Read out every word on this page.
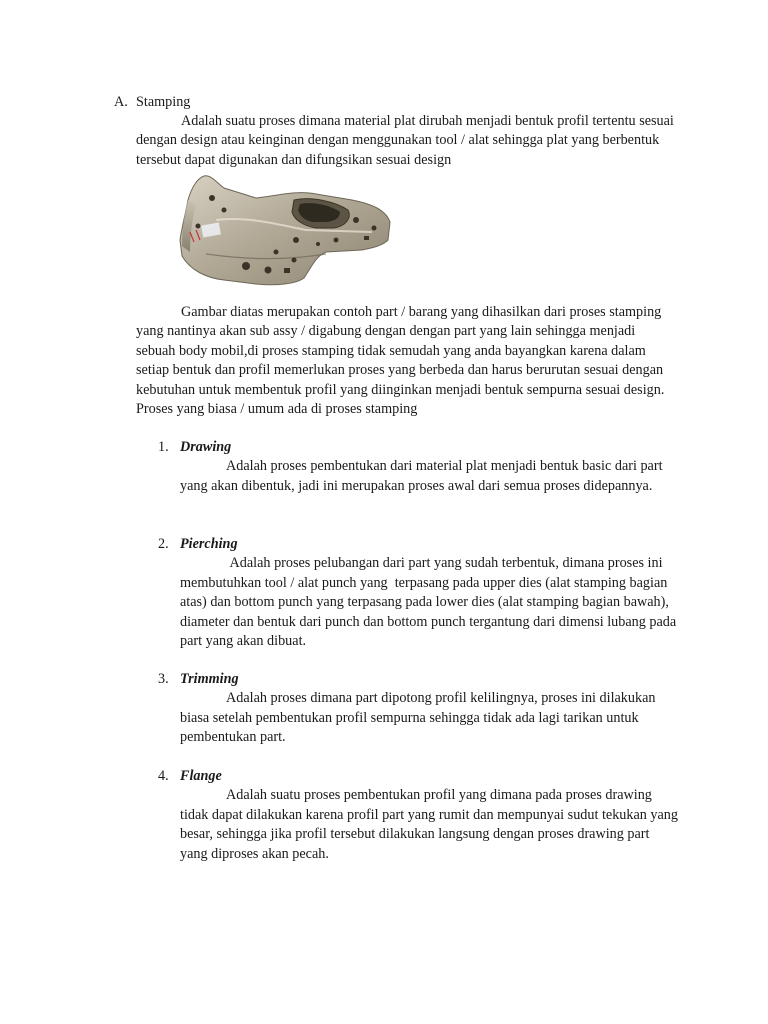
A. Stamping

Adalah suatu proses dimana material plat dirubah menjadi bentuk profil tertentu sesuai dengan design atau keinginan dengan menggunakan tool / alat sehingga plat yang berbentuk tersebut dapat digunakan dan difungsikan sesuai design

Gambar diatas merupakan contoh part / barang yang dihasilkan dari proses stamping yang nantinya akan sub assy / digabung dengan dengan part yang lain sehingga menjadi sebuah body mobil,di proses stamping tidak semudah yang anda bayangkan karena dalam setiap bentuk dan profil memerlukan proses yang berbeda dan harus berurutan sesuai dengan kebutuhan untuk membentuk profil yang diinginkan menjadi bentuk sempurna sesuai design. Proses yang biasa / umum ada di proses stamping

1. Drawing

Adalah proses pembentukan dari material plat menjadi bentuk basic dari part yang akan dibentuk, jadi ini merupakan proses awal dari semua proses didepannya.

2. Pierching

Adalah proses pelubangan dari part yang sudah terbentuk, dimana proses ini membutuhkan tool / alat punch yang  terpasang pada upper dies (alat stamping bagian atas) dan bottom punch yang terpasang pada lower dies (alat stamping bagian bawah), diameter dan bentuk dari punch dan bottom punch tergantung dari dimensi lubang pada part yang akan dibuat.

3. Trimming

Adalah proses dimana part dipotong profil kelilingnya, proses ini dilakukan biasa setelah pembentukan profil sempurna sehingga tidak ada lagi tarikan untuk pembentukan part.

4. Flange

Adalah suatu proses pembentukan profil yang dimana pada proses drawing tidak dapat dilakukan karena profil part yang rumit dan mempunyai sudut tekukan yang besar, sehingga jika profil tersebut dilakukan langsung dengan proses drawing part yang diproses akan pecah.
